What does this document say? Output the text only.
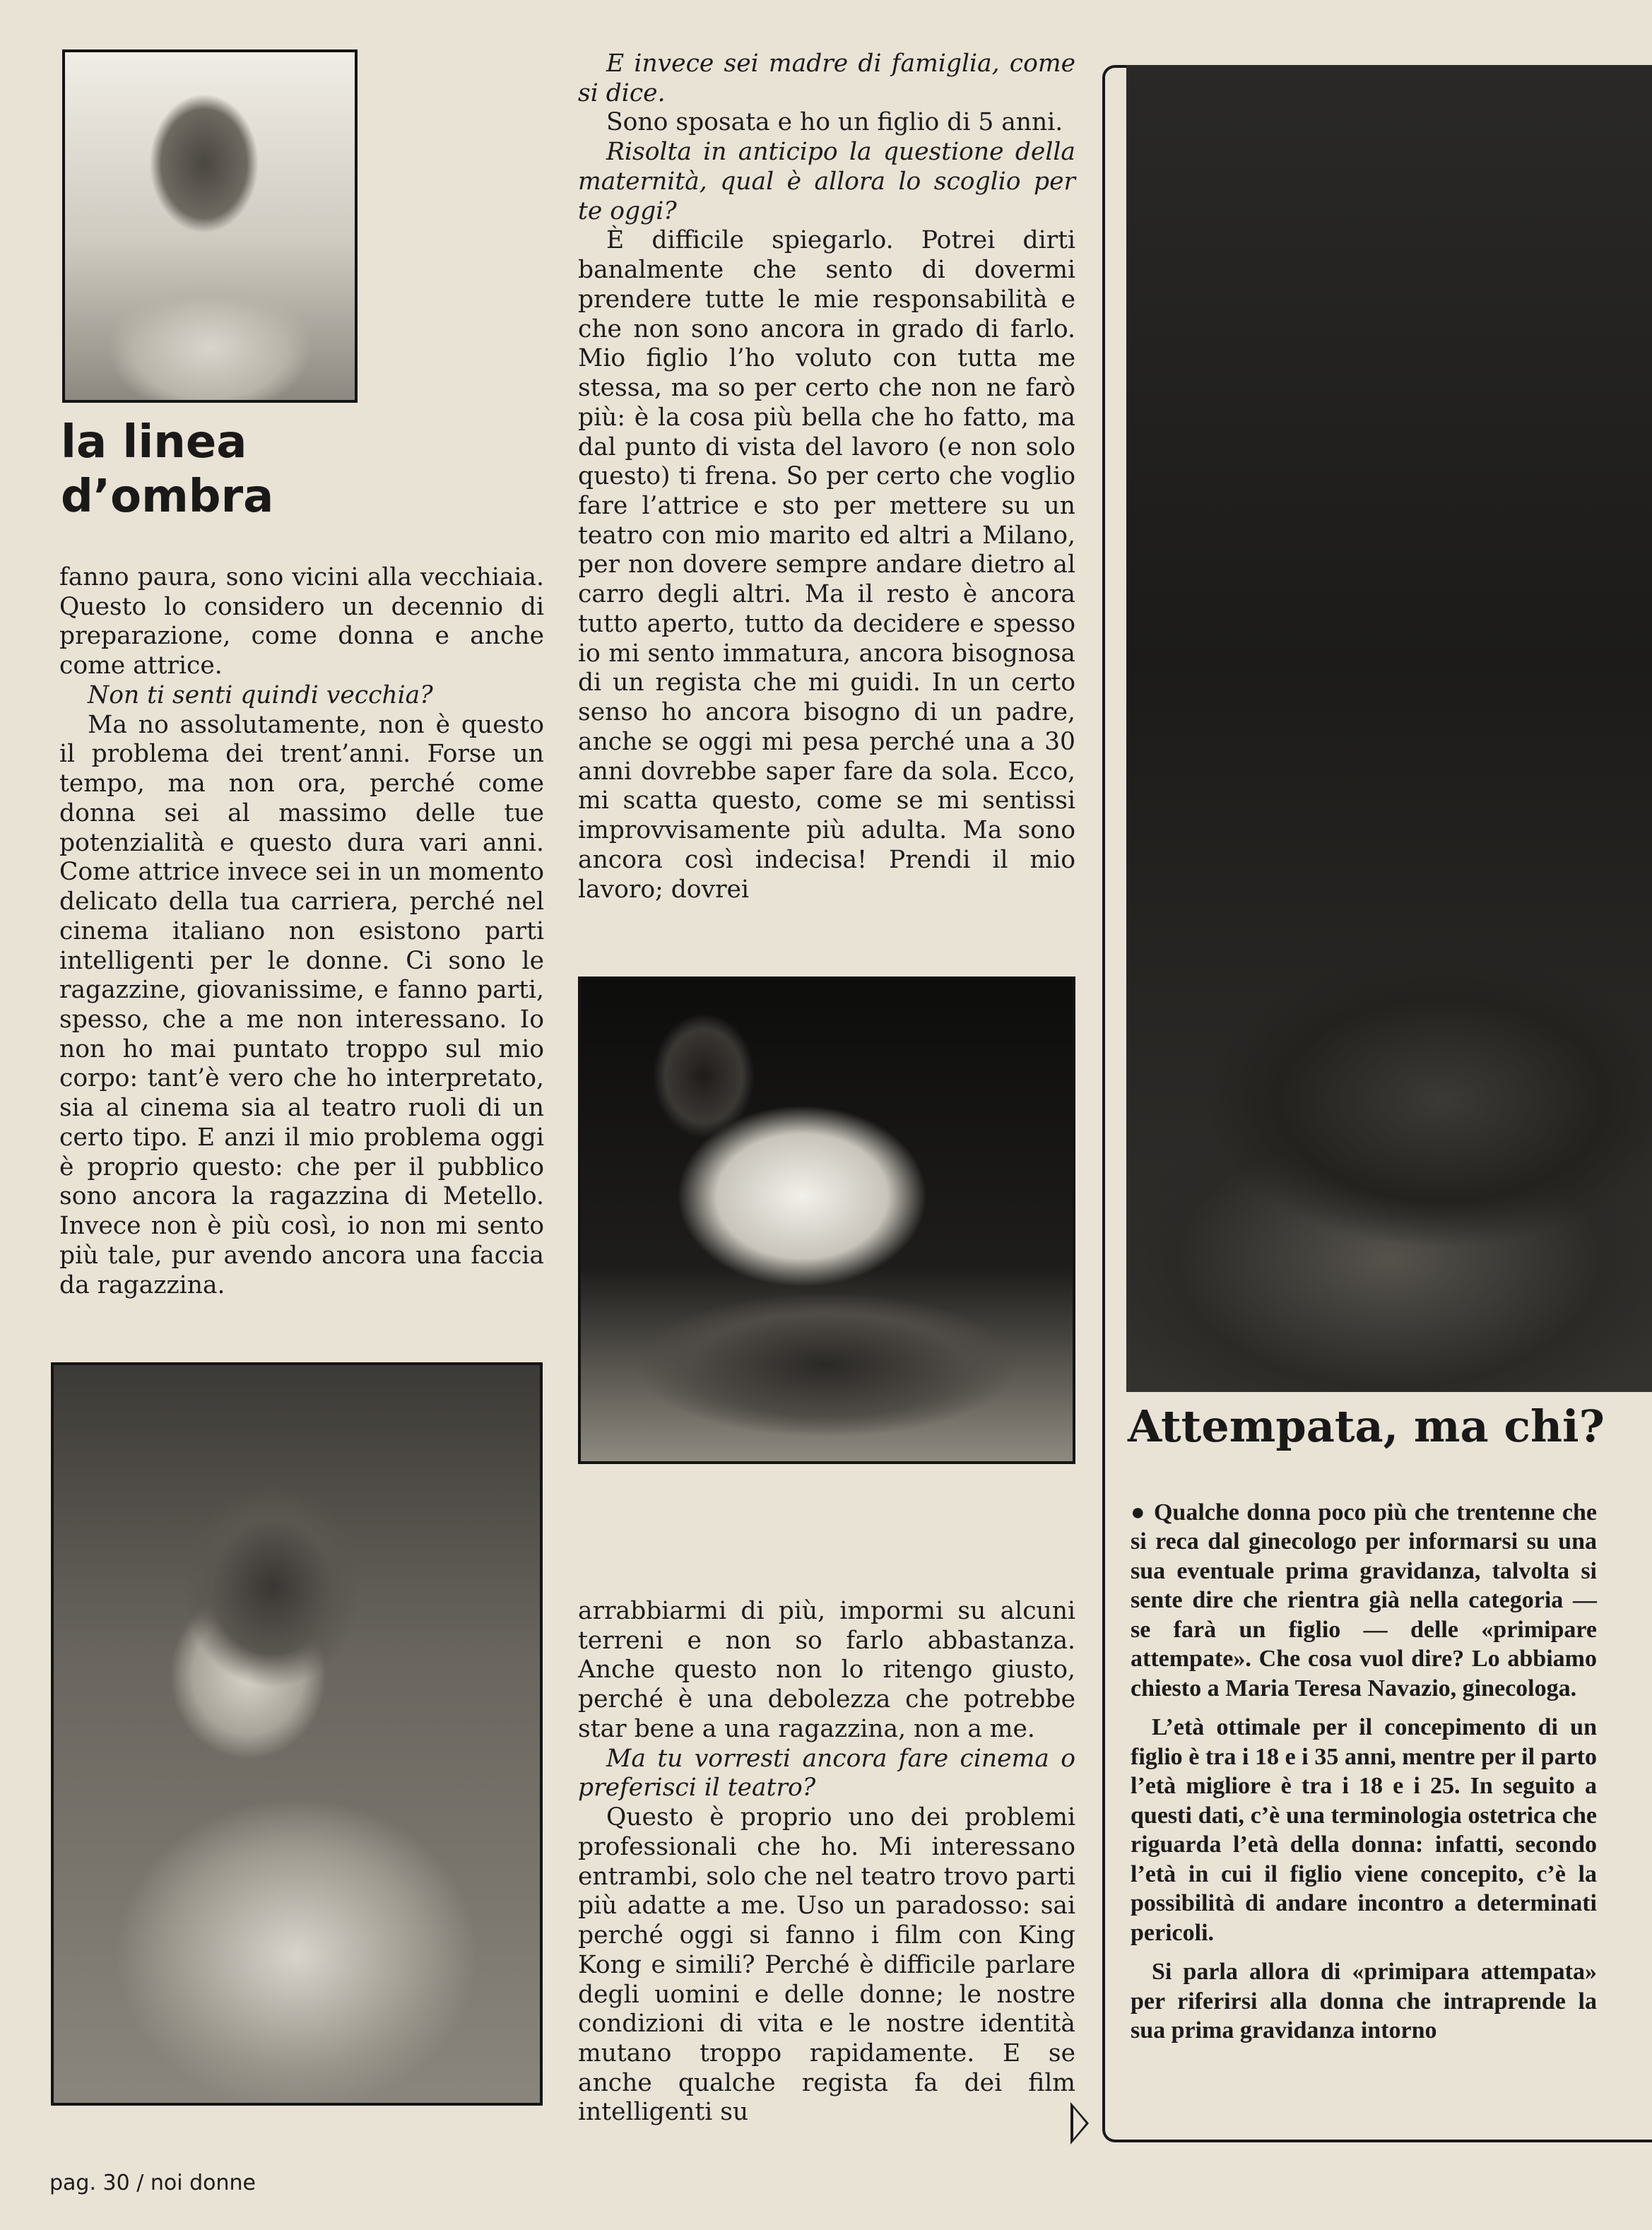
la linea
d’ombra

fanno paura, sono vicini alla vecchiaia. Questo lo considero un decennio di preparazione, come donna e anche come attrice.

Non ti senti quindi vecchia?

Ma no assolutamente, non è questo il problema dei trent’anni. Forse un tempo, ma non ora, perché come donna sei al massimo delle tue potenzialità e questo dura vari anni. Come attrice invece sei in un momento delicato della tua carriera, perché nel cinema italiano non esistono parti intelligenti per le donne. Ci sono le ragazzine, giovanissime, e fanno parti, spesso, che a me non interessano. Io non ho mai puntato troppo sul mio corpo: tant’è vero che ho interpretato, sia al cinema sia al teatro ruoli di un certo tipo. E anzi il mio problema oggi è proprio questo: che per il pubblico sono ancora la ragazzina di Metello. Invece non è più così, io non mi sento più tale, pur avendo ancora una faccia da ragazzina.

E invece sei madre di famiglia, come si dice.

Sono sposata e ho un figlio di 5 anni.

Risolta in anticipo la questione della maternità, qual è allora lo scoglio per te oggi?

È difficile spiegarlo. Potrei dirti banalmente che sento di dovermi prendere tutte le mie responsabilità e che non sono ancora in grado di farlo. Mio figlio l’ho voluto con tutta me stessa, ma so per certo che non ne farò più: è la cosa più bella che ho fatto, ma dal punto di vista del lavoro (e non solo questo) ti frena. So per certo che voglio fare l’attrice e sto per mettere su un teatro con mio marito ed altri a Milano, per non dovere sempre andare dietro al carro degli altri. Ma il resto è ancora tutto aperto, tutto da decidere e spesso io mi sento immatura, ancora bisognosa di un regista che mi guidi. In un certo senso ho ancora bisogno di un padre, anche se oggi mi pesa perché una a 30 anni dovrebbe saper fare da sola. Ecco, mi scatta questo, come se mi sentissi improvvisamente più adulta. Ma sono ancora così indecisa! Prendi il mio lavoro; dovrei

arrabbiarmi di più, impormi su alcuni terreni e non so farlo abbastanza. Anche questo non lo ritengo giusto, perché è una debolezza che potrebbe star bene a una ragazzina, non a me.

Ma tu vorresti ancora fare cinema o preferisci il teatro?

Questo è proprio uno dei problemi professionali che ho. Mi interessano entrambi, solo che nel teatro trovo parti più adatte a me. Uso un paradosso: sai perché oggi si fanno i film con King Kong e simili? Perché è difficile parlare degli uomini e delle donne; le nostre condizioni di vita e le nostre identità mutano troppo rapidamente. E se anche qualche regista fa dei film intelligenti su

Attempata, ma chi?

● Qualche donna poco più che trentenne che si reca dal ginecologo per informarsi su una sua eventuale prima gravidanza, talvolta si sente dire che rientra già nella categoria — se farà un figlio — delle «primipare attempate». Che cosa vuol dire? Lo abbiamo chiesto a Maria Teresa Navazio, ginecologa.

L’età ottimale per il concepimento di un figlio è tra i 18 e i 35 anni, mentre per il parto l’età migliore è tra i 18 e i 25. In seguito a questi dati, c’è una terminologia ostetrica che riguarda l’età della donna: infatti, secondo l’età in cui il figlio viene concepito, c’è la possibilità di andare incontro a determinati pericoli.

Si parla allora di «primipara attempata» per riferirsi alla donna che intraprende la sua prima gravidanza intorno

pag. 30 / noi donne
